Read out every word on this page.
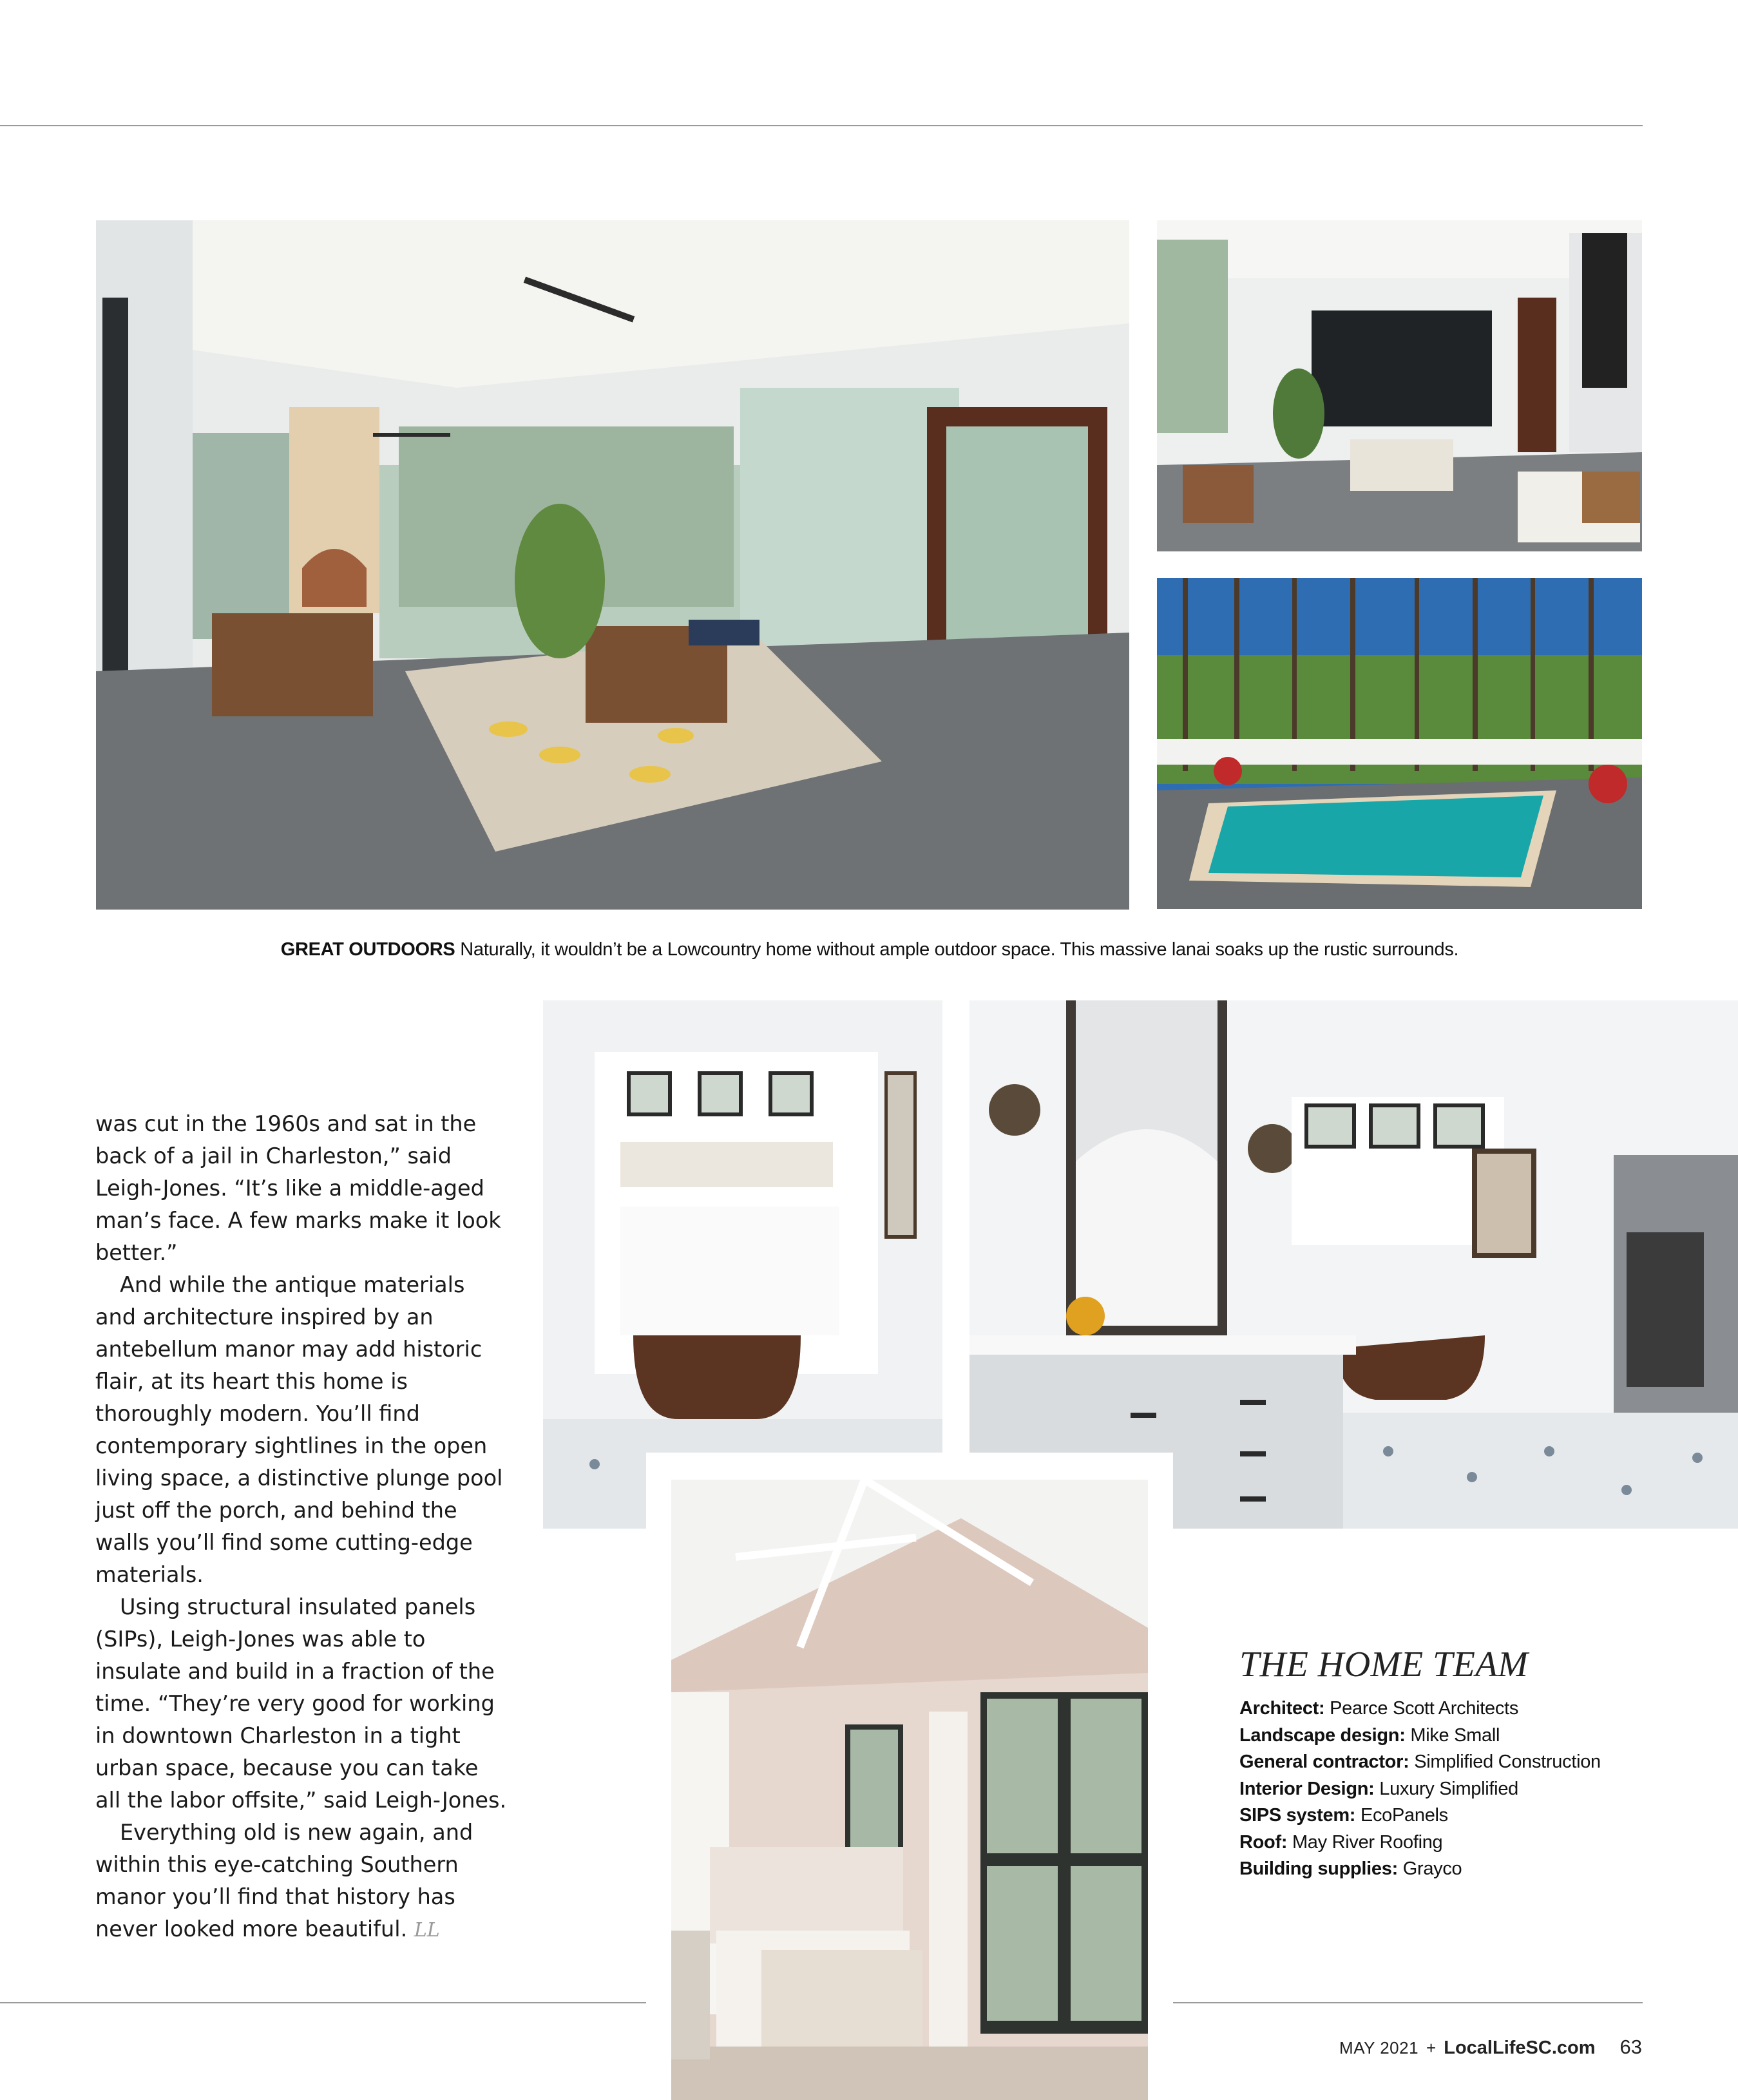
GREAT OUTDOORS Naturally, it wouldn’t be a Lowcountry home without ample outdoor space. This massive lanai soaks up the rustic surrounds.

was cut in the 1960s and sat in the back of a jail in Charleston,” said Leigh-Jones. “It’s like a middle-aged man’s face. A few marks make it look better.”

And while the antique materials and architecture inspired by an antebellum manor may add historic flair, at its heart this home is thoroughly modern. You’ll find contemporary sightlines in the open living space, a distinctive plunge pool just off the porch, and behind the walls you’ll find some cutting-edge materials.

Using structural insulated panels (SIPs), Leigh-Jones was able to insulate and build in a fraction of the time. “They’re very good for working in downtown Charleston in a tight urban space, because you can take all the labor offsite,” said Leigh-Jones.

Everything old is new again, and within this eye-catching Southern manor you’ll find that history has never looked more beautiful. LL

THE HOME TEAM
Architect: Pearce Scott Architects
Landscape design: Mike Small
General contractor: Simplified Construction
Interior Design: Luxury Simplified
SIPS system: EcoPanels
Roof: May River Roofing
Building supplies: Grayco
MAY 2021 + LocalLifeSC.com 63
